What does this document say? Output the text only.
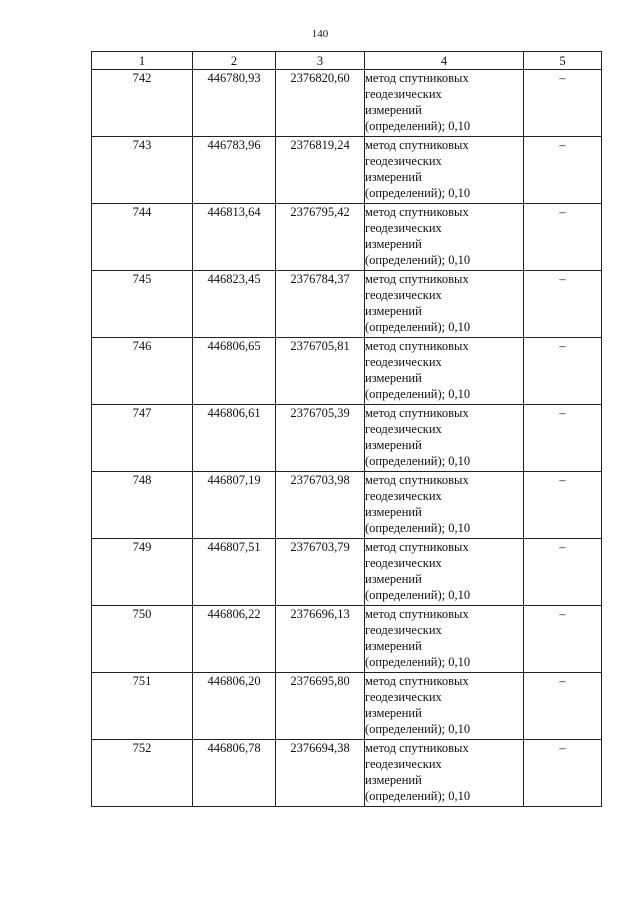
140
1	2	3	4	5
742	446780,93	2376820,60	метод спутниковых
геодезических
измерений
(определений); 0,10	–
743	446783,96	2376819,24	метод спутниковых
геодезических
измерений
(определений); 0,10	–
744	446813,64	2376795,42	метод спутниковых
геодезических
измерений
(определений); 0,10	–
745	446823,45	2376784,37	метод спутниковых
геодезических
измерений
(определений); 0,10	–
746	446806,65	2376705,81	метод спутниковых
геодезических
измерений
(определений); 0,10	–
747	446806,61	2376705,39	метод спутниковых
геодезических
измерений
(определений); 0,10	–
748	446807,19	2376703,98	метод спутниковых
геодезических
измерений
(определений); 0,10	–
749	446807,51	2376703,79	метод спутниковых
геодезических
измерений
(определений); 0,10	–
750	446806,22	2376696,13	метод спутниковых
геодезических
измерений
(определений); 0,10	–
751	446806,20	2376695,80	метод спутниковых
геодезических
измерений
(определений); 0,10	–
752	446806,78	2376694,38	метод спутниковых
геодезических
измерений
(определений); 0,10	–
